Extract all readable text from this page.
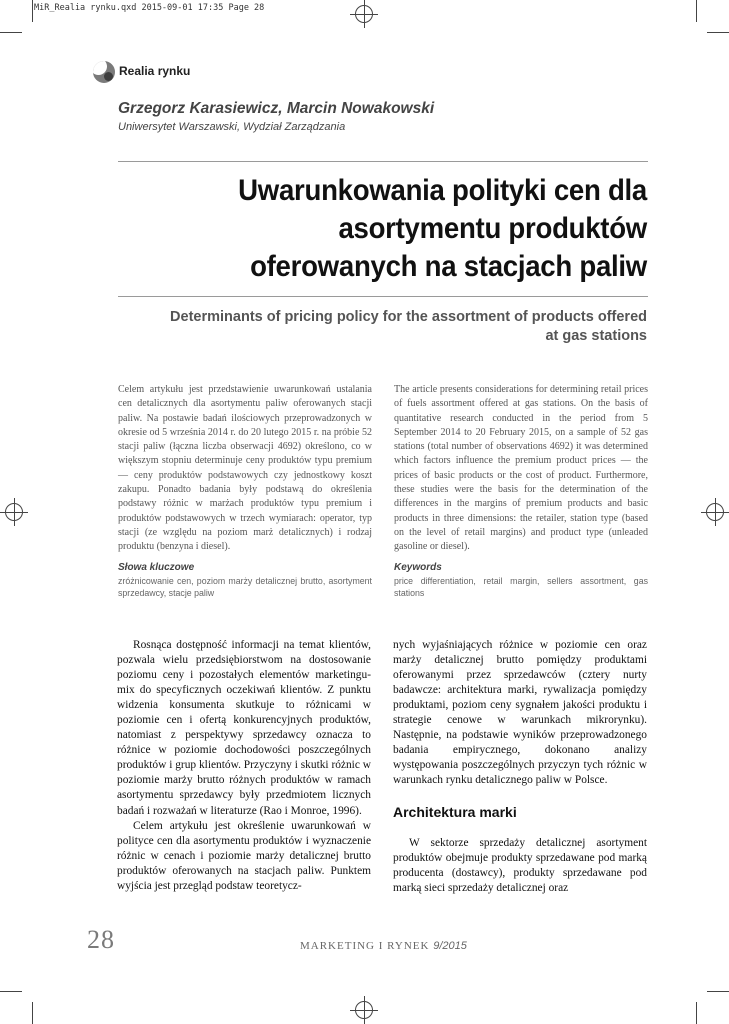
MiR_Realia rynku.qxd 2015-09-01 17:35 Page 28
Realia rynku
Grzegorz Karasiewicz, Marcin Nowakowski
Uniwersytet Warszawski, Wydział Zarządzania
Uwarunkowania polityki cen dla asortymentu produktów oferowanych na stacjach paliw
Determinants of pricing policy for the assortment of products offered at gas stations
Celem artykułu jest przedstawienie uwarunkowań ustalania cen detalicznych dla asortymentu paliw oferowanych stacji paliw. Na postawie badań ilościowych przeprowadzonych w okresie od 5 września 2014 r. do 20 lutego 2015 r. na próbie 52 stacji paliw (łączna liczba obserwacji 4692) określono, co w większym stopniu determinuje ceny produktów typu premium — ceny produktów podstawowych czy jednostkowy koszt zakupu. Ponadto badania były podstawą do określenia podstawy różnic w marżach produktów typu premium i produktów podstawowych w trzech wymiarach: operator, typ stacji (ze względu na poziom marż detalicznych) i rodzaj produktu (benzyna i diesel).
Słowa kluczowe
zróżnicowanie cen, poziom marży detalicznej brutto, asortyment sprzedawcy, stacje paliw
The article presents considerations for determining retail prices of fuels assortment offered at gas stations. On the basis of quantitative research conducted in the period from 5 September 2014 to 20 February 2015, on a sample of 52 gas stations (total number of observations 4692) it was determined which factors influence the premium product prices — the prices of basic products or the cost of product. Furthermore, these studies were the basis for the determination of the differences in the margins of premium products and basic products in three dimensions: the retailer, station type (based on the level of retail margins) and product type (unleaded gasoline or diesel).
Keywords
price differentiation, retail margin, sellers assortment, gas stations

Rosnąca dostępność informacji na temat klientów, pozwala wielu przedsiębiorstwom na dostosowanie poziomu ceny i pozostałych elementów marketingu-mix do specyficznych oczekiwań klientów. Z punktu widzenia konsumenta skutkuje to różnicami w poziomie cen i ofertą konkurencyjnych produktów, natomiast z perspektywy sprzedawcy oznacza to różnice w poziomie dochodowości poszczególnych produktów i grup klientów. Przyczyny i skutki różnic w poziomie marży brutto różnych produktów w ramach asortymentu sprzedawcy były przedmiotem licznych badań i rozważań w literaturze (Rao i Monroe, 1996).

Celem artykułu jest określenie uwarunkowań w polityce cen dla asortymentu produktów i wyznaczenie różnic w cenach i poziomie marży detalicznej brutto produktów oferowanych na stacjach paliw. Punktem wyjścia jest przegląd podstaw teoretycz-

nych wyjaśniających różnice w poziomie cen oraz marży detalicznej brutto pomiędzy produktami oferowanymi przez sprzedawców (cztery nurty badawcze: architektura marki, rywalizacja pomiędzy produktami, poziom ceny sygnałem jakości produktu i strategie cenowe w warunkach mikrorynku). Następnie, na podstawie wyników przeprowadzonego badania empirycznego, dokonano analizy występowania poszczególnych przyczyn tych różnic w warunkach rynku detalicznego paliw w Polsce.

Architektura marki

W sektorze sprzedaży detalicznej asortyment produktów obejmuje produkty sprzedawane pod marką producenta (dostawcy), produkty sprzedawane pod marką sieci sprzedaży detalicznej oraz

28	MARKETING I RYNEK 9/2015
